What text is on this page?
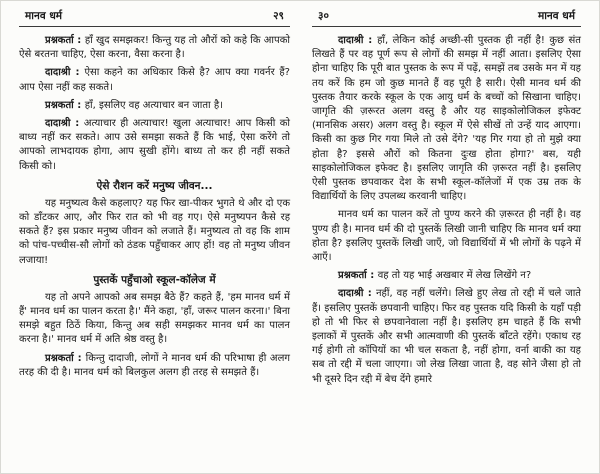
मानव धर्म	२९
प्रश्नकर्ता : हाँ खुद समझकर! किन्तु यह तो औरों को कहे कि आपको ऐसे बरतना चाहिए, ऐसा करना, वैसा करना है।
दादाश्री : ऐसा कहने का अधिकार किसे है? आप क्या गवर्नर हैं? आप ऐसा नहीं कह सकते।
प्रश्नकर्ता : हाँ, इसलिए वह अत्याचार बन जाता है।
दादाश्री : अत्याचार ही अत्याचार! खुला अत्याचार! आप किसी को बाध्य नहीं कर सकते। आप उसे समझा सकते हैं कि भाई, ऐसा करेंगे तो आपको लाभदायक होगा, आप सुखी होंगे। बाध्य तो कर ही नहीं सकते किसी को।
ऐसे रौशन करें मनुष्य जीवन...
यह मनुष्यत्व कैसे कहलाए? यह फिर खा-पीकर भुगते थे और दो एक को डाँटकर आए, और फिर रात को भी वह गए। ऐसे मनुष्यपन कैसे रह सकते हैं? इस प्रकार मनुष्य जीवन को लजाते हैं। मनुष्यत्व तो वह कि शाम को पांच-पच्चीस-सौ लोगों को ठंडक पहुँचाकर आए हों! वह तो मनुष्य जीवन लजाया!
पुस्तकें पहुँचाओ स्कूल-कॉलेज में
यह तो अपने आपको अब समझ बैठे हैं? कहते हैं, 'हम मानव धर्म में हैं' मानव धर्म का पालन करता है।' मैंने कहा, 'हाँ, जरूर पालन करना।' बिना समझे बहुत ठिठें किया, किन्तु अब सही समझकर मानव धर्म का पालन करना है।' मानव धर्म में अति श्रेष्ठ वस्तु है।
प्रश्नकर्ता : किन्तु दादाजी, लोगों ने मानव धर्म की परिभाषा ही अलग तरह की दी है। मानव धर्म को बिलकुल अलग ही तरह से समझते हैं।
३०	मानव धर्म
दादाश्री : हाँ, लेकिन कोई अच्छी-सी पुस्तक ही नहीं है! कुछ संत लिखते हैं पर वह पूर्ण रूप से लोगों की समझ में नहीं आता। इसलिए ऐसा होना चाहिए कि पूरी बात पुस्तक के रूप में पढ़ें, समझें तब उसके मन में यह तय करें कि हम जो कुछ मानते हैं वह पूरी है सारी। ऐसी मानव धर्म की पुस्तक तैयार करके स्कूल के एक आयु धर्म के बच्चों को सिखाना चाहिए। जागृति की ज़रूरत अलग वस्तु है और यह साइकोलोजिकल इफेक्ट (मानसिक असर) अलग वस्तु है। स्कूल में ऐसे सीखें तो उन्हें याद आएगा। किसी का कुछ गिर गया मिले तो उसे देंगे? 'यह गिर गया हो तो मुझे क्या होता है? इससे औरों को कितना दुःख होता होगा?' बस, यही साइकोलोजिकल इफेक्ट है। इसलिए जागृति की ज़रूरत नहीं है। इसलिए ऐसी पुस्तक छपवाकर देश के सभी स्कूल-कॉलेजों में एक उम्र तक के विद्यार्थियों के लिए उपलब्ध करवानी चाहिए।
मानव धर्म का पालन करें तो पुण्य करने की ज़रूरत ही नहीं है। वह पुण्य ही है। मानव धर्म की दो पुस्तकें लिखी जानी चाहिए कि मानव धर्म क्या होता है? इसलिए पुस्तकें लिखी जाएँ, जो विद्यार्थियों में भी लोगों के पढ़ने में आएँ।
प्रश्नकर्ता : वह तो यह भाई अखबार में लेख लिखेंगे न?
दादाश्री : नहीं, वह नहीं चलेंगे। लिखे हुए लेख तो रद्दी में चले जाते हैं। इसलिए पुस्तकें छपवानी चाहिए। फिर वह पुस्तक यदि किसी के यहाँ पड़ी हो तो भी फिर से छपवानेवाला नहीं है। इसलिए हम चाहते हैं कि सभी इलाकों में पुस्तकें और सभी आत्मवाणी की पुस्तकें बाँटते रहेंगे। एकाध रह गई होगी तो कॉपियों का भी चल सकता है, नहीं होगा, वर्ना बाकी का यह सब तो रद्दी में चला जाएगा। जो लेख लिखा जाता है, वह सोने जैसा हो तो भी दूसरे दिन रद्दी में बेच देंगे हमारे
